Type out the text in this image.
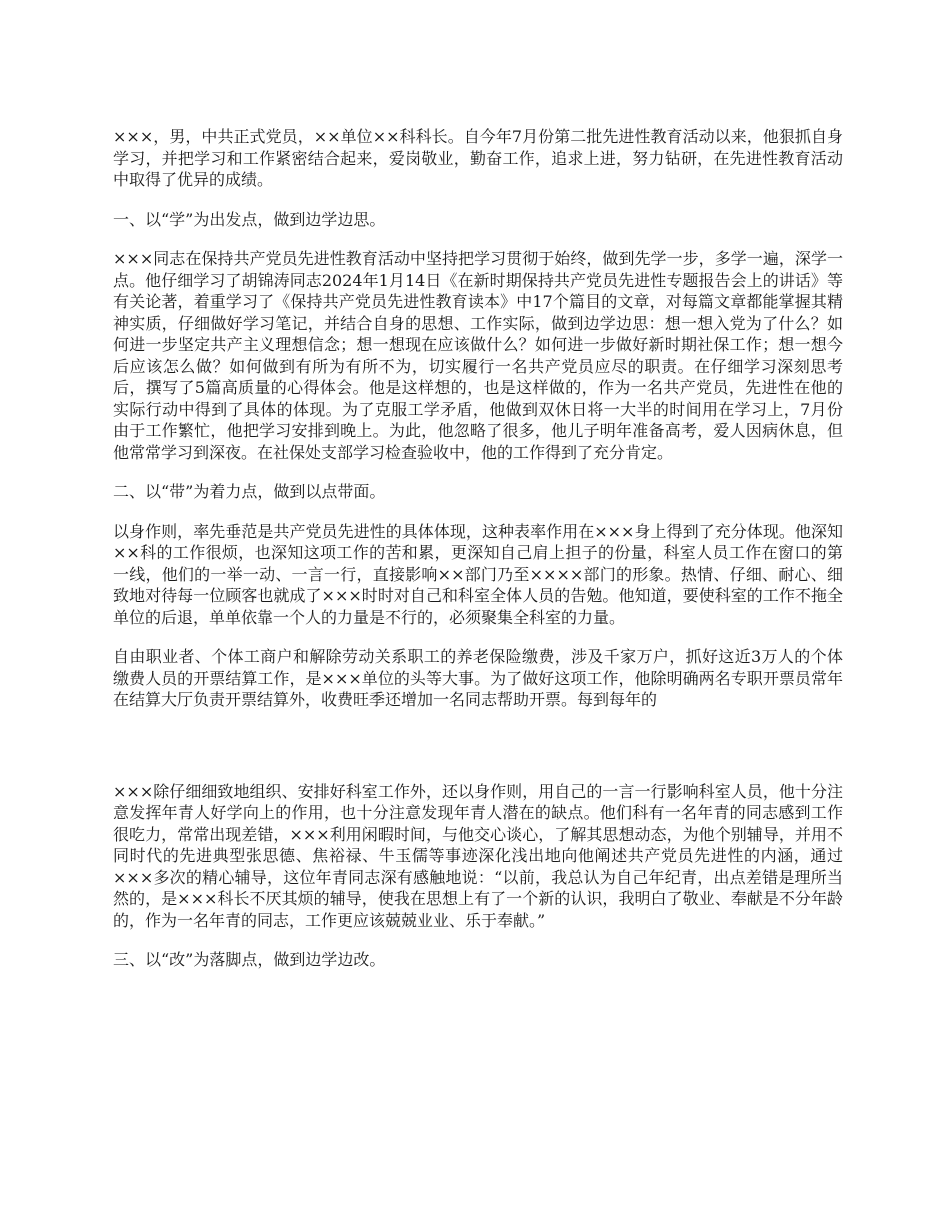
×××，男，中共正式党员，××单位××科科长。自今年7月份第二批先进性教育活动以来，他狠抓自身学习，并把学习和工作紧密结合起来，爱岗敬业，勤奋工作，追求上进，努力钻研，在先进性教育活动中取得了优异的成绩。

一、以“学”为出发点，做到边学边思。

×××同志在保持共产党员先进性教育活动中坚持把学习贯彻于始终，做到先学一步，多学一遍，深学一点。他仔细学习了胡锦涛同志2024年1月14日《在新时期保持共产党员先进性专题报告会上的讲话》等有关论著，着重学习了《保持共产党员先进性教育读本》中17个篇目的文章，对每篇文章都能掌握其精神实质，仔细做好学习笔记，并结合自身的思想、工作实际，做到边学边思：想一想入党为了什么？如何进一步坚定共产主义理想信念；想一想现在应该做什么？如何进一步做好新时期社保工作；想一想今后应该怎么做？如何做到有所为有所不为，切实履行一名共产党员应尽的职责。在仔细学习深刻思考后，撰写了5篇高质量的心得体会。他是这样想的，也是这样做的，作为一名共产党员，先进性在他的实际行动中得到了具体的体现。为了克服工学矛盾，他做到双休日将一大半的时间用在学习上，7月份由于工作繁忙，他把学习安排到晚上。为此，他忽略了很多，他儿子明年准备高考，爱人因病休息，但他常常学习到深夜。在社保处支部学习检查验收中，他的工作得到了充分肯定。

二、以“带”为着力点，做到以点带面。

以身作则，率先垂范是共产党员先进性的具体体现，这种表率作用在×××身上得到了充分体现。他深知××科的工作很烦，也深知这项工作的苦和累，更深知自己肩上担子的份量，科室人员工作在窗口的第一线，他们的一举一动、一言一行，直接影响××部门乃至××××部门的形象。热情、仔细、耐心、细致地对待每一位顾客也就成了×××时时对自己和科室全体人员的告勉。他知道，要使科室的工作不拖全单位的后退，单单依靠一个人的力量是不行的，必须聚集全科室的力量。

自由职业者、个体工商户和解除劳动关系职工的养老保险缴费，涉及千家万户，抓好这近3万人的个体缴费人员的开票结算工作，是×××单位的头等大事。为了做好这项工作，他除明确两名专职开票员常年在结算大厅负责开票结算外，收费旺季还增加一名同志帮助开票。每到每年的

×××除仔细细致地组织、安排好科室工作外，还以身作则，用自己的一言一行影响科室人员，他十分注意发挥年青人好学向上的作用，也十分注意发现年青人潜在的缺点。他们科有一名年青的同志感到工作很吃力，常常出现差错，×××利用闲暇时间，与他交心谈心，了解其思想动态，为他个别辅导，并用不同时代的先进典型张思德、焦裕禄、牛玉儒等事迹深化浅出地向他阐述共产党员先进性的内涵，通过×××多次的精心辅导，这位年青同志深有感触地说：“以前，我总认为自己年纪青，出点差错是理所当然的，是×××科长不厌其烦的辅导，使我在思想上有了一个新的认识，我明白了敬业、奉献是不分年龄的，作为一名年青的同志，工作更应该兢兢业业、乐于奉献。”

三、以“改”为落脚点，做到边学边改。
